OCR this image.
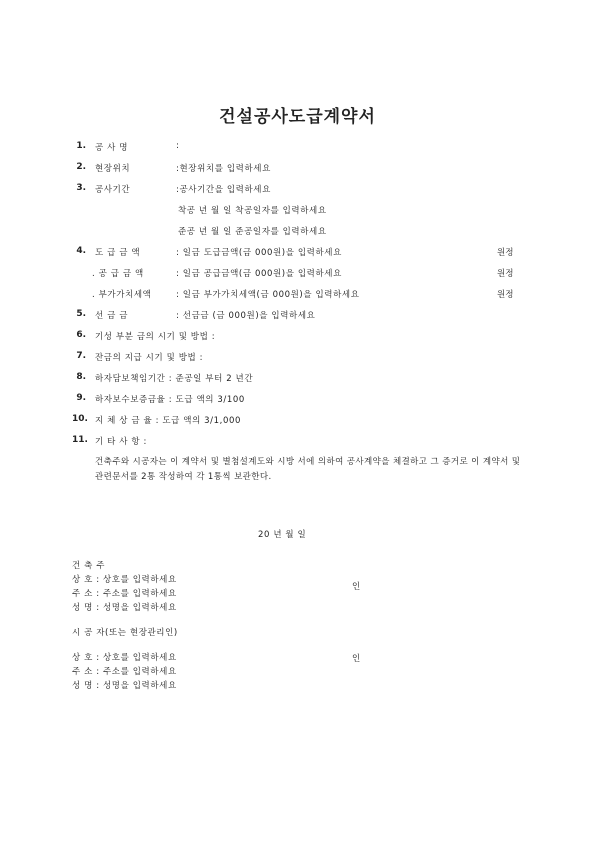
건설공사도급계약서
1. 공 사 명	:
2. 현장위치	:현장위치를 입력하세요
3. 공사기간	:공사기간을 입력하세요
착공 년 월 일 착공일자를 입력하세요
준공 년 월 일 준공일자를 입력하세요
4. 도 급 금 액	: 일금 도급금액(금 000원)을 입력하세요	원정
. 공 급 금 액	: 일금 공급금액(금 000원)을 입력하세요	원정
. 부가가치세액	: 일금 부가가치세액(금 000원)을 입력하세요	원정
5. 선 금 금	: 선금금 (금 000원)을 입력하세요
6. 기성 부분 금의 시기 및 방법 :
7. 잔금의 지급 시기 및 방법 :
8. 하자담보책임기간 : 준공일 부터 2 년간
9. 하자보수보증금율 : 도급 액의 3/100
10. 지 체 상 금 율 : 도급 액의 3/1,000
11. 기 타 사 항 :
건축주와 시공자는 이 계약서 및 별첨설계도와 시방 서에 의하여 공사계약을 체결하고 그 증거로 이 계약서 및 관련문서를 2통 작성하여 각 1통씩 보관한다.
20 년 월 일
건 축 주
상 호 : 상호를 입력하세요
주 소 : 주소를 입력하세요
성 명 : 성명을 입력하세요
인
시 공 자(또는 현장관리인)
상 호 : 상호를 입력하세요
주 소 : 주소를 입력하세요
성 명 : 성명을 입력하세요
인
